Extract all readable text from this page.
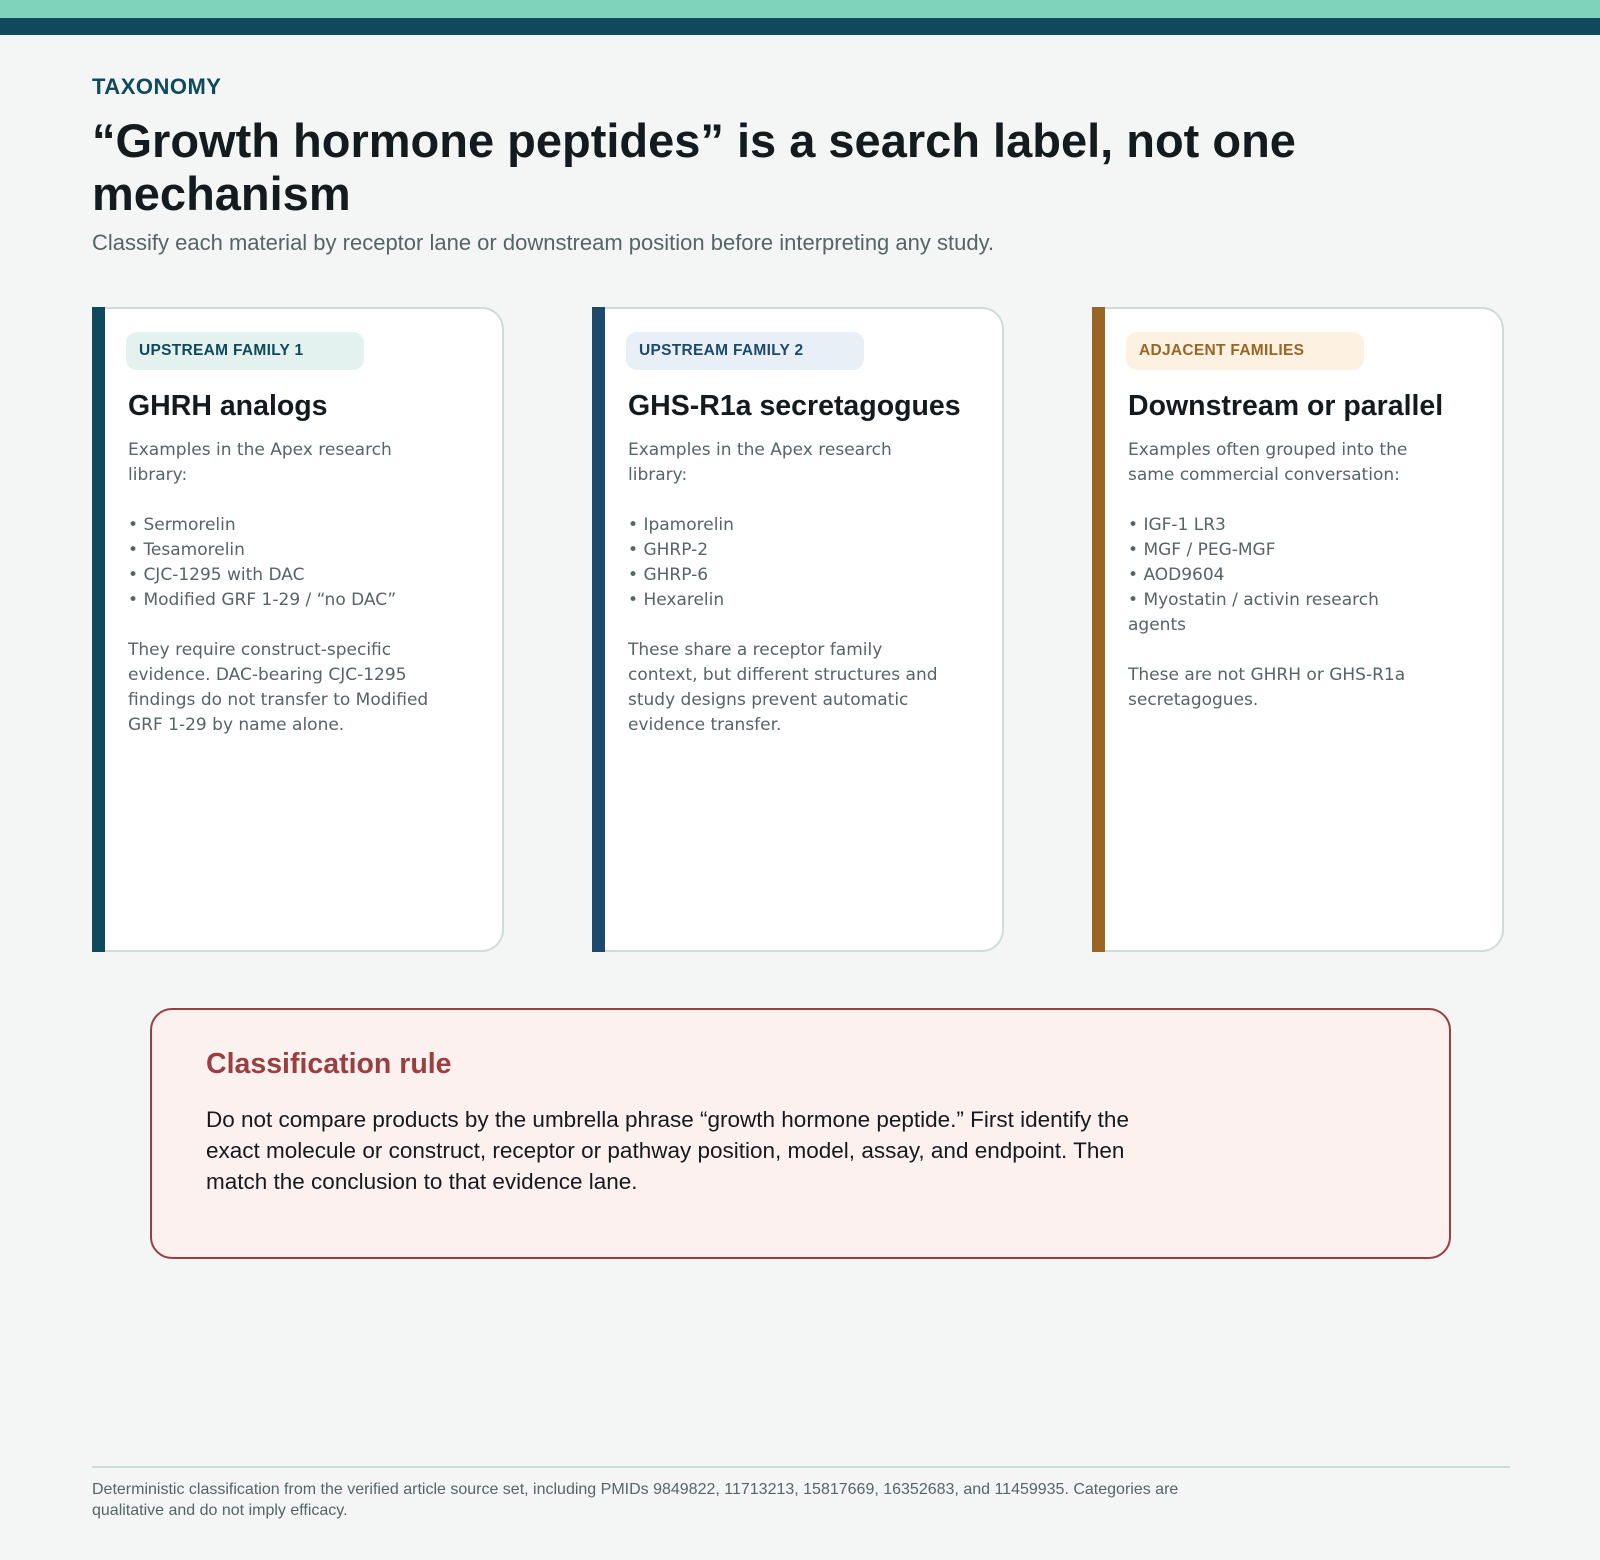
TAXONOMY
“Growth hormone peptides” is a search label, not one mechanism
Classify each material by receptor lane or downstream position before interpreting any study.
UPSTREAM FAMILY 1
GHRH analogs

Examples in the Apex research library:

• Sermorelin
• Tesamorelin
• CJC-1295 with DAC
• Modified GRF 1-29 / “no DAC”

They require construct-specific evidence. DAC-bearing CJC-1295 findings do not transfer to Modified GRF 1-29 by name alone.

UPSTREAM FAMILY 2
GHS-R1a secretagogues

Examples in the Apex research library:

• Ipamorelin
• GHRP-2
• GHRP-6
• Hexarelin

These share a receptor family context, but different structures and study designs prevent automatic evidence transfer.

ADJACENT FAMILIES
Downstream or parallel

Examples often grouped into the same commercial conversation:

• IGF-1 LR3
• MGF / PEG-MGF
• AOD9604
• Myostatin / activin research agents

These are not GHRH or GHS-R1a secretagogues.

Classification rule

Do not compare products by the umbrella phrase “growth hormone peptide.” First identify the exact molecule or construct, receptor or pathway position, model, assay, and endpoint. Then match the conclusion to that evidence lane.

Deterministic classification from the verified article source set, including PMIDs 9849822, 11713213, 15817669, 16352683, and 11459935. Categories are qualitative and do not imply efficacy.
